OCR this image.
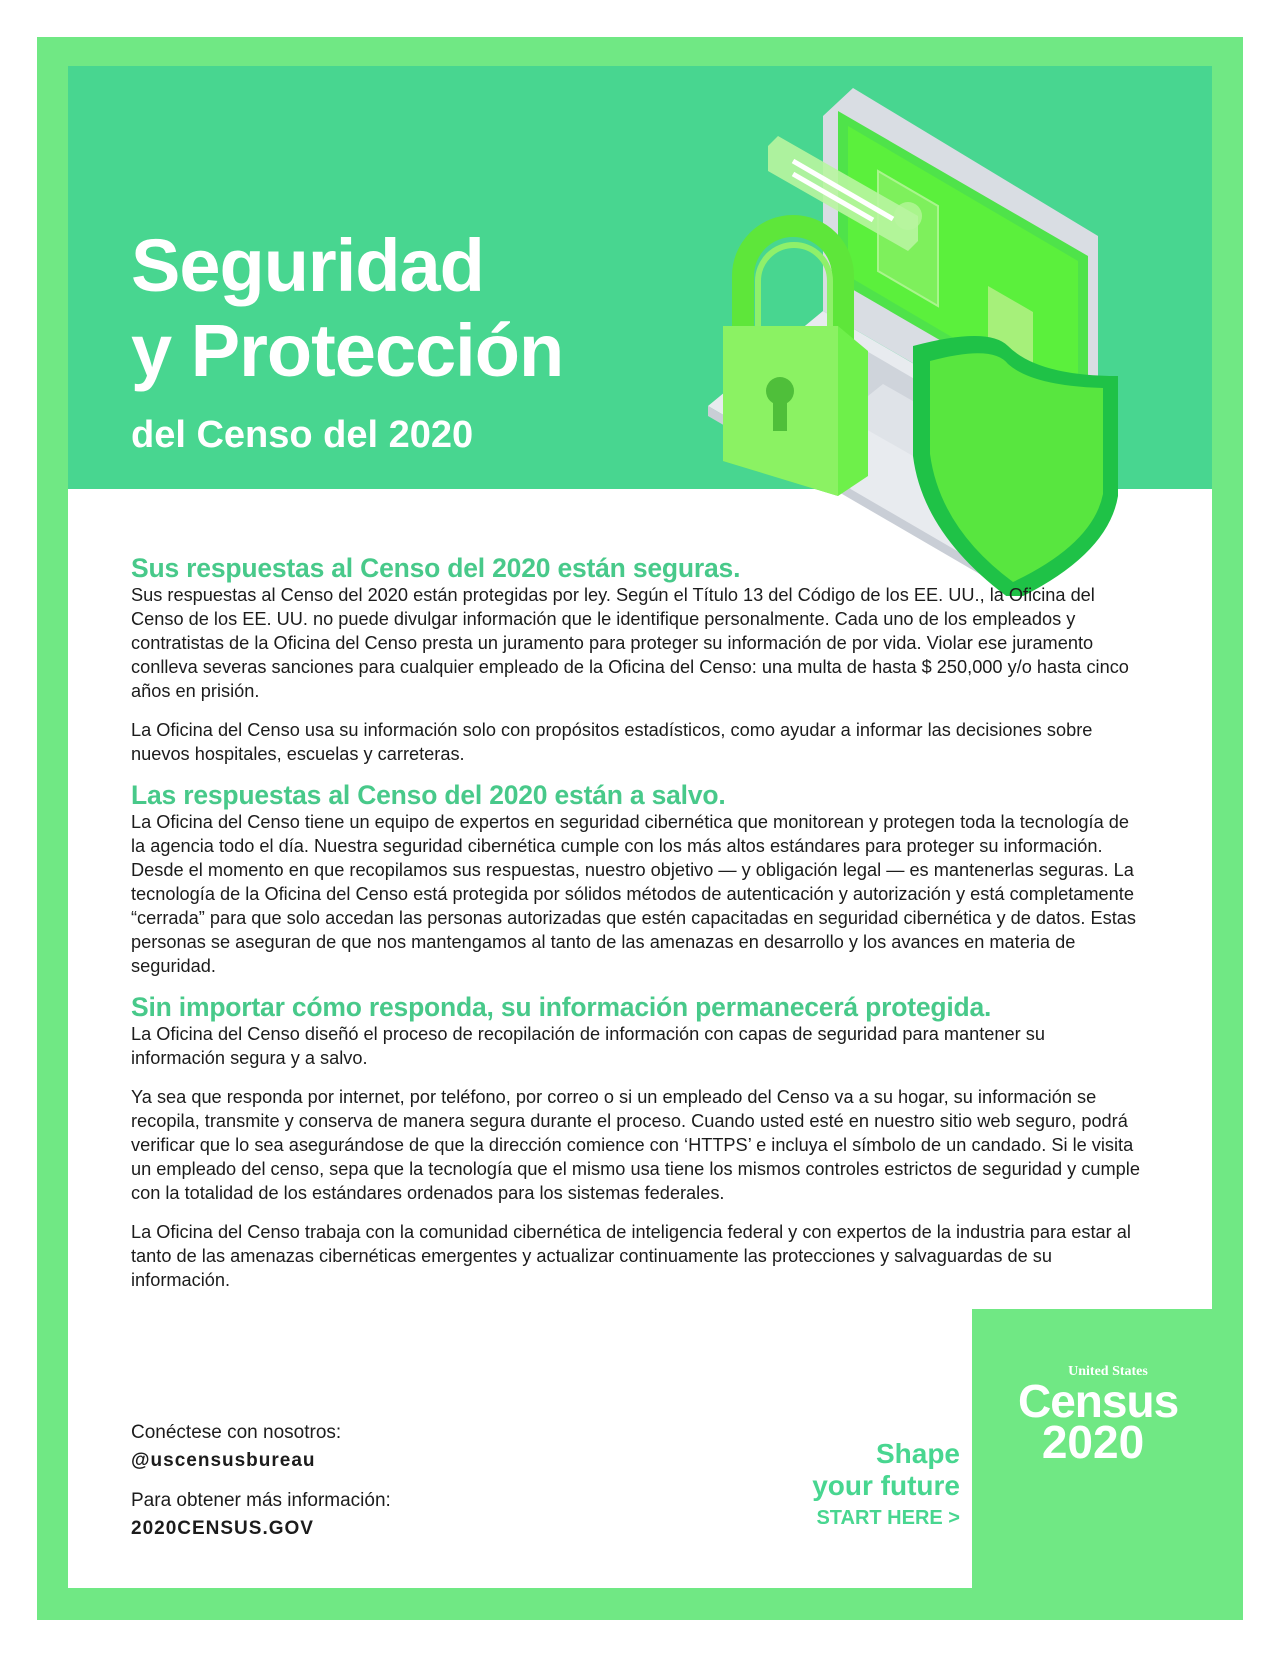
Seguridad
y Protección

del Censo del 2020

Sus respuestas al Censo del 2020 están seguras.

Sus respuestas al Censo del 2020 están protegidas por ley. Según el Título 13 del Código de los EE. UU., la Oficina del Censo de los EE. UU. no puede divulgar información que le identifique personalmente. Cada uno de los empleados y contratistas de la Oficina del Censo presta un juramento para proteger su información de por vida. Violar ese juramento conlleva severas sanciones para cualquier empleado de la Oficina del Censo: una multa de hasta $ 250,000 y/o hasta cinco años en prisión.

La Oficina del Censo usa su información solo con propósitos estadísticos, como ayudar a informar las decisiones sobre nuevos hospitales, escuelas y carreteras.

Las respuestas al Censo del 2020 están a salvo.

La Oficina del Censo tiene un equipo de expertos en seguridad cibernética que monitorean y protegen toda la tecnología de la agencia todo el día. Nuestra seguridad cibernética cumple con los más altos estándares para proteger su información. Desde el momento en que recopilamos sus respuestas, nuestro objetivo — y obligación legal — es mantenerlas seguras. La tecnología de la Oficina del Censo está protegida por sólidos métodos de autenticación y autorización y está completamente “cerrada” para que solo accedan las personas autorizadas que estén capacitadas en seguridad cibernética y de datos. Estas personas se aseguran de que nos mantengamos al tanto de las amenazas en desarrollo y los avances en materia de seguridad.

Sin importar cómo responda, su información permanecerá protegida.

La Oficina del Censo diseñó el proceso de recopilación de información con capas de seguridad para mantener su información segura y a salvo.

Ya sea que responda por internet, por teléfono, por correo o si un empleado del Censo va a su hogar, su información se recopila, transmite y conserva de manera segura durante el proceso. Cuando usted esté en nuestro sitio web seguro, podrá verificar que lo sea asegurándose de que la dirección comience con ‘HTTPS’ e incluya el símbolo de un candado. Si le visita un empleado del censo, sepa que la tecnología que el mismo usa tiene los mismos controles estrictos de seguridad y cumple con la totalidad de los estándares ordenados para los sistemas federales.

La Oficina del Censo trabaja con la comunidad cibernética de inteligencia federal y con expertos de la industria para estar al tanto de las amenazas cibernéticas emergentes y actualizar continuamente las protecciones y salvaguardas de su información.

Conéctese con nosotros:

@uscensusbureau

Para obtener más información:

2020CENSUS.GOV

Shape

your future

START HERE >

United States
Census
2020
